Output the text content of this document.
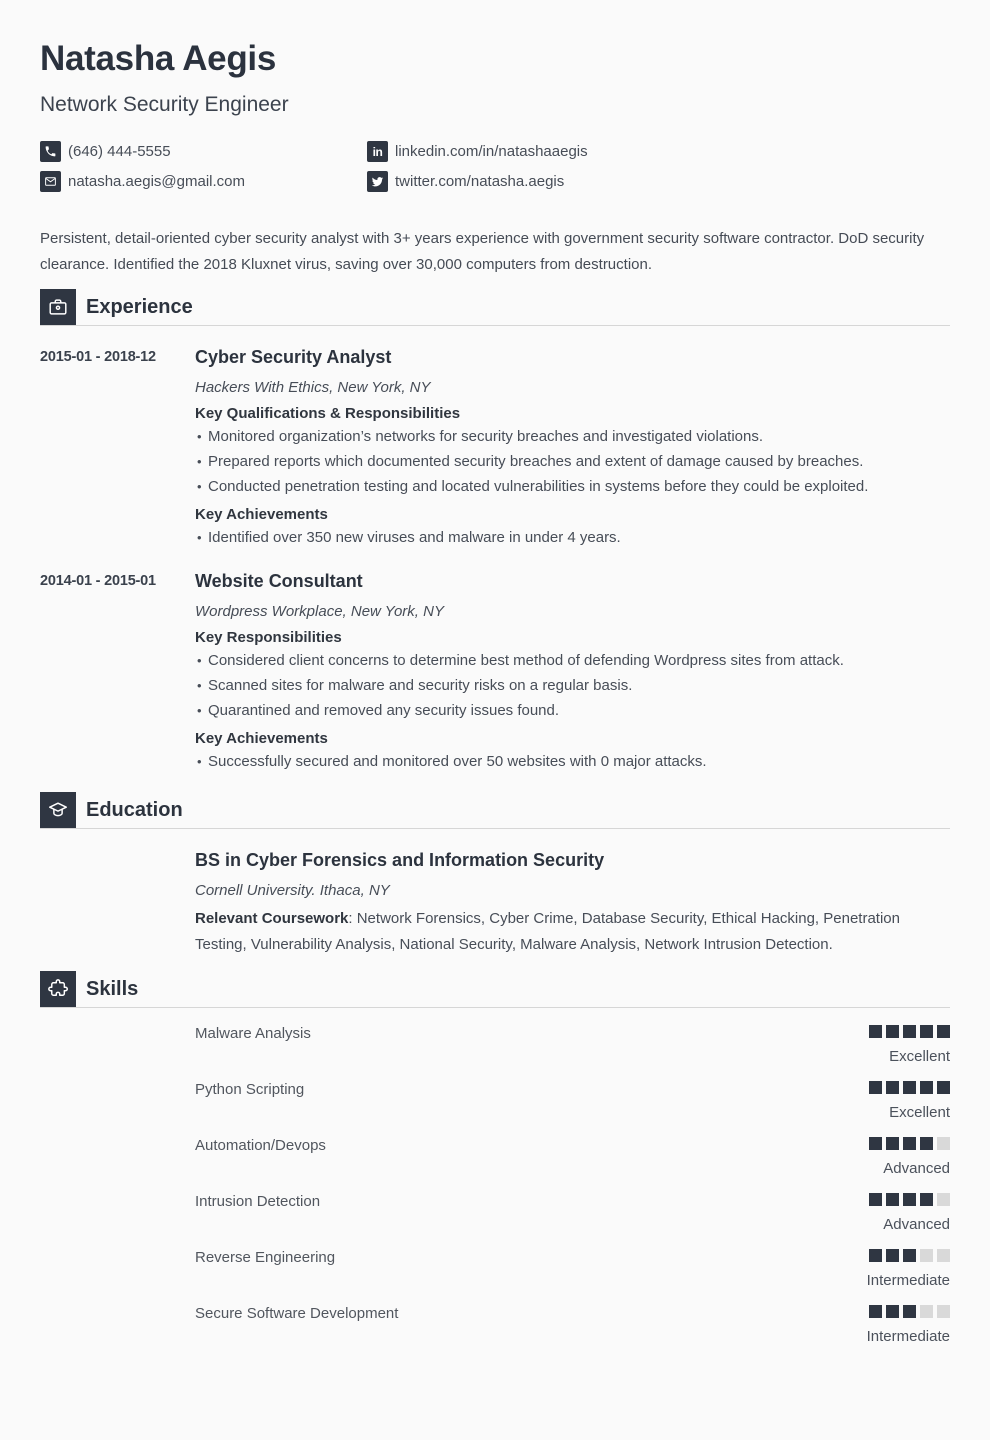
Natasha Aegis
Network Security Engineer
(646) 444-5555
natasha.aegis@gmail.com
in linkedin.com/in/natashaaegis
twitter.com/natasha.aegis

Persistent, detail-oriented cyber security analyst with 3+ years experience with government security software contractor. DoD security clearance. Identified the 2018 Kluxnet virus, saving over 30,000 computers from destruction.

Experience
2015-01 - 2018-12	Cyber Security Analyst
Hackers With Ethics, New York, NY
Key Qualifications & Responsibilities
• Monitored organization’s networks for security breaches and investigated violations.
• Prepared reports which documented security breaches and extent of damage caused by breaches.
• Conducted penetration testing and located vulnerabilities in systems before they could be exploited.
Key Achievements
• Identified over 350 new viruses and malware in under 4 years.
2014-01 - 2015-01	Website Consultant
Wordpress Workplace, New York, NY
Key Responsibilities
• Considered client concerns to determine best method of defending Wordpress sites from attack.
• Scanned sites for malware and security risks on a regular basis.
• Quarantined and removed any security issues found.
Key Achievements
• Successfully secured and monitored over 50 websites with 0 major attacks.
Education
BS in Cyber Forensics and Information Security
Cornell University. Ithaca, NY

Relevant Coursework: Network Forensics, Cyber Crime, Database Security, Ethical Hacking, Penetration Testing, Vulnerability Analysis, National Security, Malware Analysis, Network Intrusion Detection.

Skills
Malware Analysis
Excellent
Python Scripting
Excellent
Automation/Devops
Advanced
Intrusion Detection
Advanced
Reverse Engineering
Intermediate
Secure Software Development
Intermediate
